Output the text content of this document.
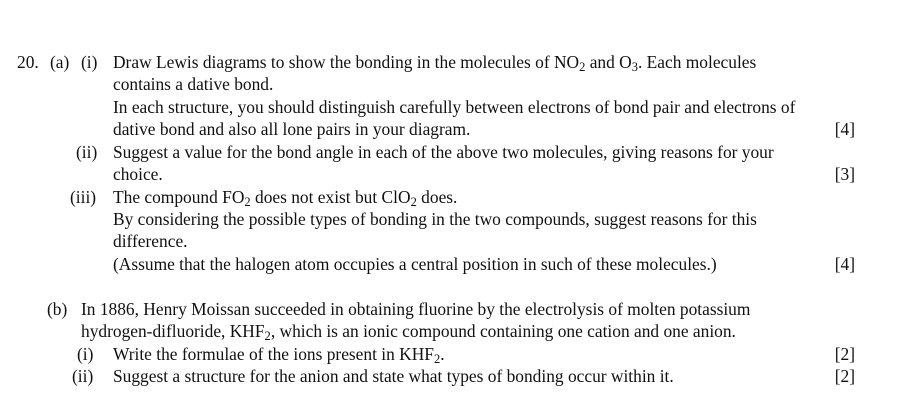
20. (a) (i) Draw Lewis diagrams to show the bonding in the molecules of $NO_2$ and $O_3$. Each molecules
contains a dative bond.
In each structure, you should distinguish carefully between electrons of bond pair and electrons of
dative bond and also all lone pairs in your diagram.	[4]
(ii) Suggest a value for the bond angle in each of the above two molecules, giving reasons for your
choice.	[3]
(iii) The compound $FO_2$ does not exist but ClO$_2$ does.
By considering the possible types of bonding in the two compounds, suggest reasons for this
difference.
(Assume that the halogen atom occupies a central position in such of these molecules.)	[4]
(b) In 1886, Henry Moissan succeeded in obtaining fluorine by the electrolysis of molten potassium
hydrogen-difluoride, $KHF_2$, which is an ionic compound containing one cation and one anion.
(i) Write the formulae of the ions present in $KHF_2$.	[2]
(ii) Suggest a structure for the anion and state what types of bonding occur within it.	[2]
